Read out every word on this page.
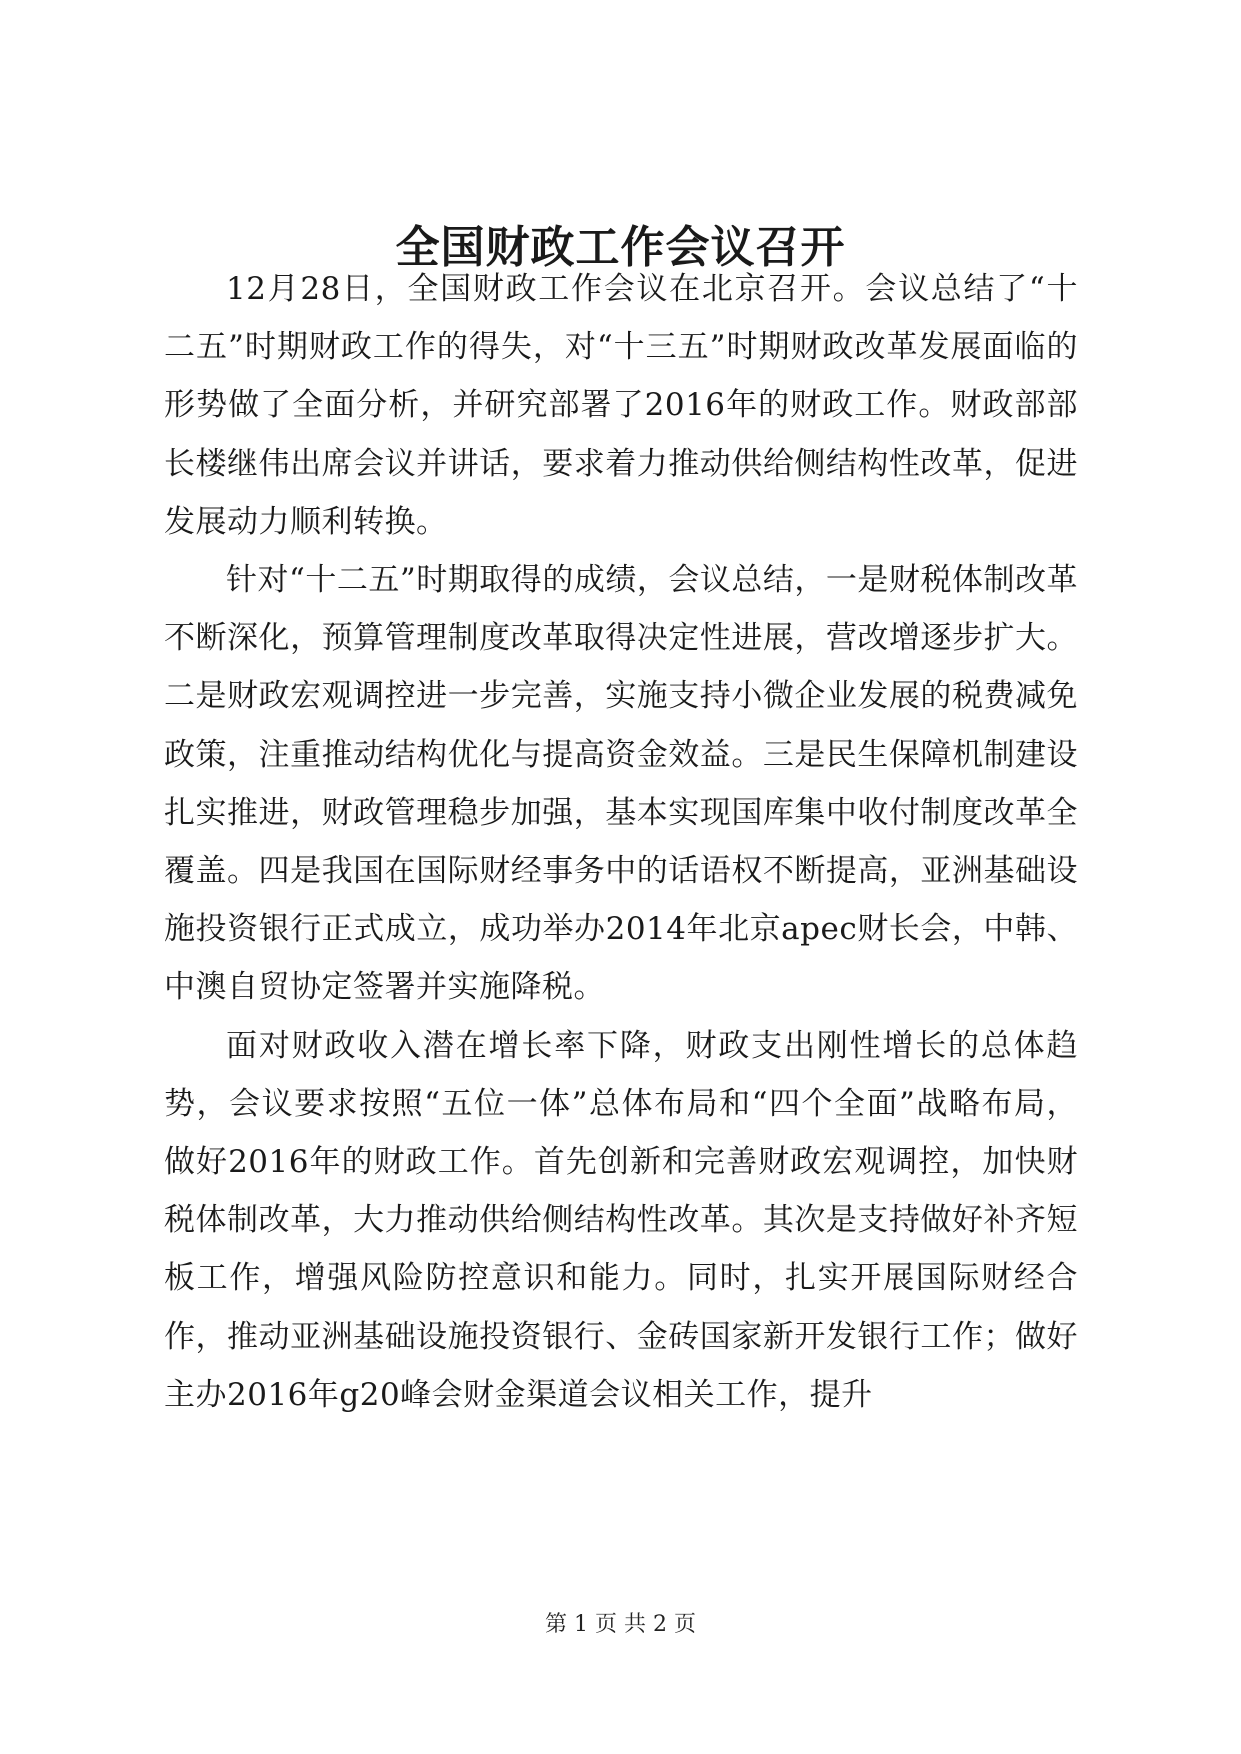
全国财政工作会议召开

12月28日，全国财政工作会议在北京召开。会议总结了“十二五”时期财政工作的得失，对“十三五”时期财政改革发展面临的形势做了全面分析，并研究部署了2016年的财政工作。财政部部长楼继伟出席会议并讲话，要求着力推动供给侧结构性改革，促进发展动力顺利转换。

针对“十二五”时期取得的成绩，会议总结，一是财税体制改革不断深化，预算管理制度改革取得决定性进展，营改增逐步扩大。二是财政宏观调控进一步完善，实施支持小微企业发展的税费减免政策，注重推动结构优化与提高资金效益。三是民生保障机制建设扎实推进，财政管理稳步加强，基本实现国库集中收付制度改革全覆盖。四是我国在国际财经事务中的话语权不断提高，亚洲基础设施投资银行正式成立，成功举办2014年北京apec财长会，中韩、中澳自贸协定签署并实施降税。

面对财政收入潜在增长率下降，财政支出刚性增长的总体趋势，会议要求按照“五位一体”总体布局和“四个全面”战略布局，做好2016年的财政工作。首先创新和完善财政宏观调控，加快财税体制改革，大力推动供给侧结构性改革。其次是支持做好补齐短板工作，增强风险防控意识和能力。同时，扎实开展国际财经合作，推动亚洲基础设施投资银行、金砖国家新开发银行工作；做好主办2016年g20峰会财金渠道会议相关工作，提升

第 1 页 共 2 页
